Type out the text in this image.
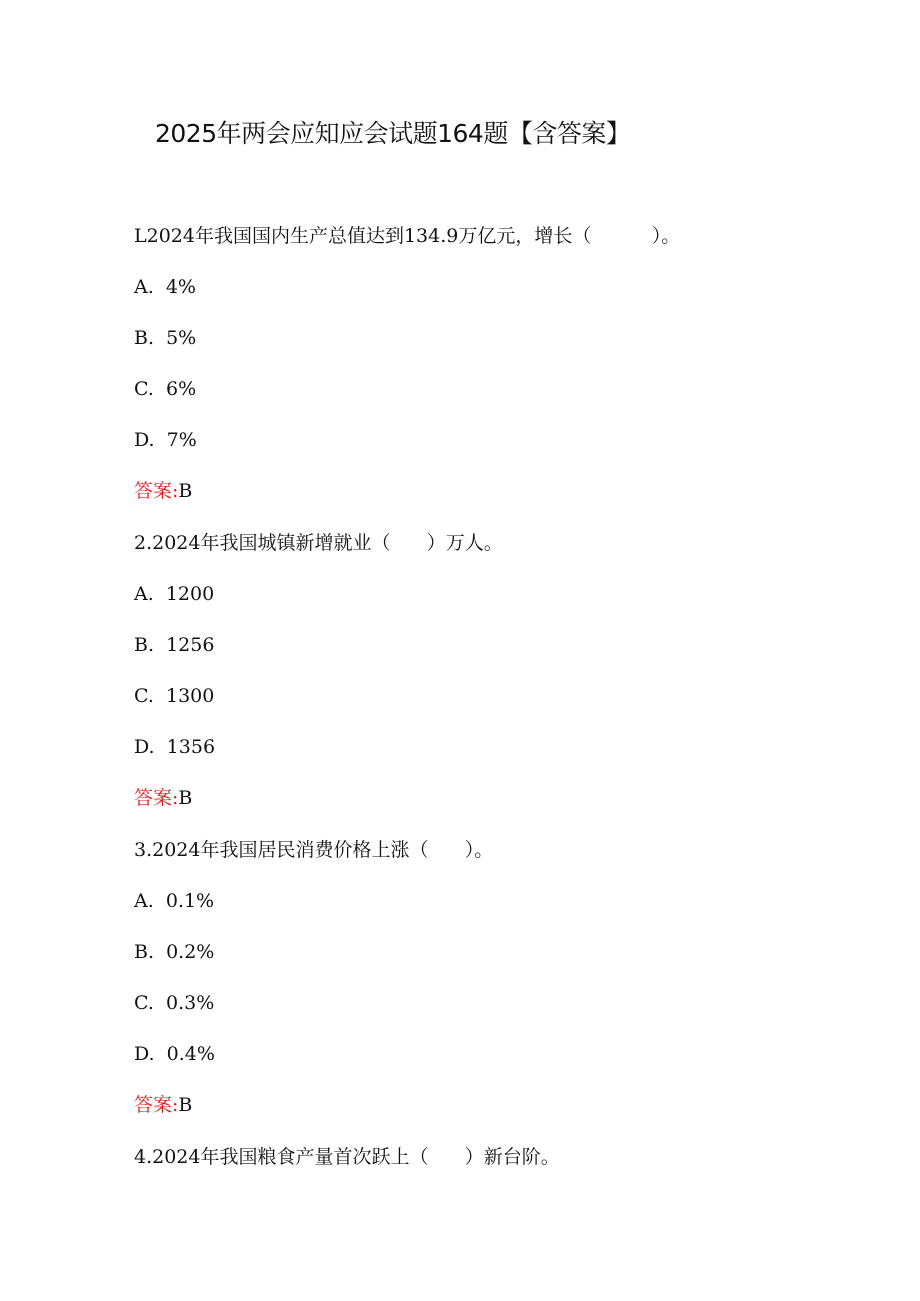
2025年两会应知应会试题164题【含答案】
L2024年我国国内生产总值达到134.9万亿元，增长（          ）。
A.  4%
B.  5%
C.  6%
D.  7%
答案:B
2.2024年我国城镇新增就业（      ）万人。
A.  1200
B.  1256
C.  1300
D.  1356
答案:B
3.2024年我国居民消费价格上涨（      ）。
A.  0.1%
B.  0.2%
C.  0.3%
D.  0.4%
答案:B
4.2024年我国粮食产量首次跃上（      ）新台阶。
